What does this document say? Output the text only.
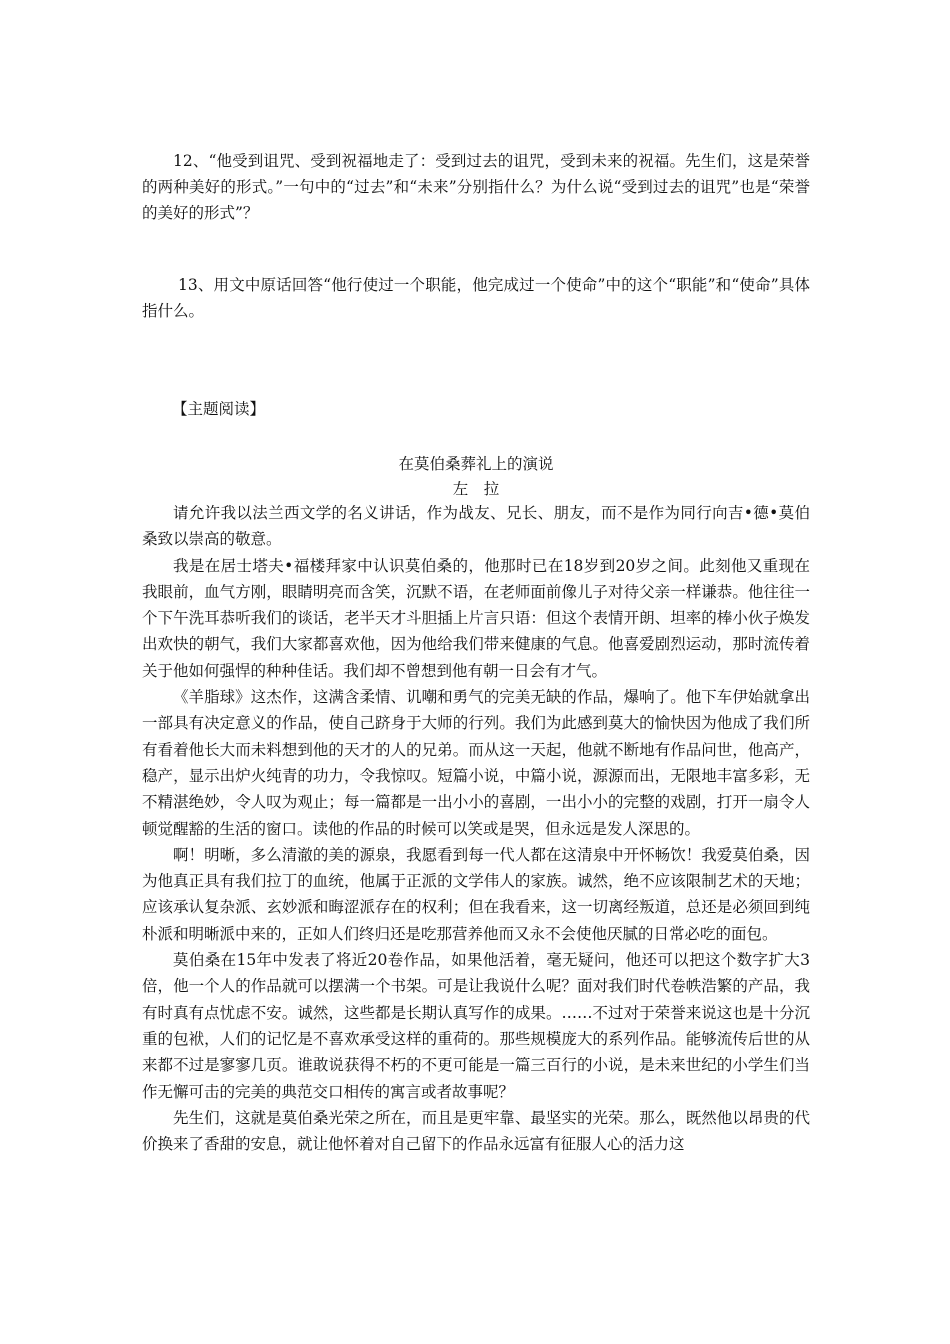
12、“他受到诅咒、受到祝福地走了：受到过去的诅咒，受到未来的祝福。先生们，这是荣誉的两种美好的形式。”一句中的“过去”和“未来”分别指什么？为什么说“受到过去的诅咒”也是“荣誉的美好的形式”？
13、用文中原话回答“他行使过一个职能，他完成过一个使命”中的这个“职能”和“使命”具体指什么。
【主题阅读】
在莫伯桑葬礼上的演说
左　拉

请允许我以法兰西文学的名义讲话，作为战友、兄长、朋友，而不是作为同行向吉•德•莫伯桑致以崇高的敬意。

我是在居士塔夫•福楼拜家中认识莫伯桑的，他那时已在18岁到20岁之间。此刻他又重现在我眼前，血气方刚，眼睛明亮而含笑，沉默不语，在老师面前像儿子对待父亲一样谦恭。他往往一个下午洗耳恭听我们的谈话，老半天才斗胆插上片言只语：但这个表情开朗、坦率的棒小伙子焕发出欢快的朝气，我们大家都喜欢他，因为他给我们带来健康的气息。他喜爱剧烈运动，那时流传着关于他如何强悍的种种佳话。我们却不曾想到他有朝一日会有才气。

《羊脂球》这杰作，这满含柔情、讥嘲和勇气的完美无缺的作品，爆响了。他下车伊始就拿出一部具有决定意义的作品，使自己跻身于大师的行列。我们为此感到莫大的愉快因为他成了我们所有看着他长大而未料想到他的天才的人的兄弟。而从这一天起，他就不断地有作品问世，他高产，稳产，显示出炉火纯青的功力，令我惊叹。短篇小说，中篇小说，源源而出，无限地丰富多彩，无不精湛绝妙，令人叹为观止；每一篇都是一出小小的喜剧，一出小小的完整的戏剧，打开一扇令人顿觉醒豁的生活的窗口。读他的作品的时候可以笑或是哭，但永远是发人深思的。

啊！明晰，多么清澈的美的源泉，我愿看到每一代人都在这清泉中开怀畅饮！我爱莫伯桑，因为他真正具有我们拉丁的血统，他属于正派的文学伟人的家族。诚然，绝不应该限制艺术的天地；应该承认复杂派、玄妙派和晦涩派存在的权利；但在我看来，这一切离经叛道，总还是必须回到纯朴派和明晰派中来的，正如人们终归还是吃那营养他而又永不会使他厌腻的日常必吃的面包。

莫伯桑在15年中发表了将近20卷作品，如果他活着，毫无疑问，他还可以把这个数字扩大3倍，他一个人的作品就可以摆满一个书架。可是让我说什么呢？面对我们时代卷帙浩繁的产品，我有时真有点忧虑不安。诚然，这些都是长期认真写作的成果。……不过对于荣誉来说这也是十分沉重的包袱，人们的记忆是不喜欢承受这样的重荷的。那些规模庞大的系列作品。能够流传后世的从来都不过是寥寥几页。谁敢说获得不朽的不更可能是一篇三百行的小说，是未来世纪的小学生们当作无懈可击的完美的典范交口相传的寓言或者故事呢？

先生们，这就是莫伯桑光荣之所在，而且是更牢靠、最坚实的光荣。那么，既然他以昂贵的代价换来了香甜的安息，就让他怀着对自己留下的作品永远富有征服人心的活力这
